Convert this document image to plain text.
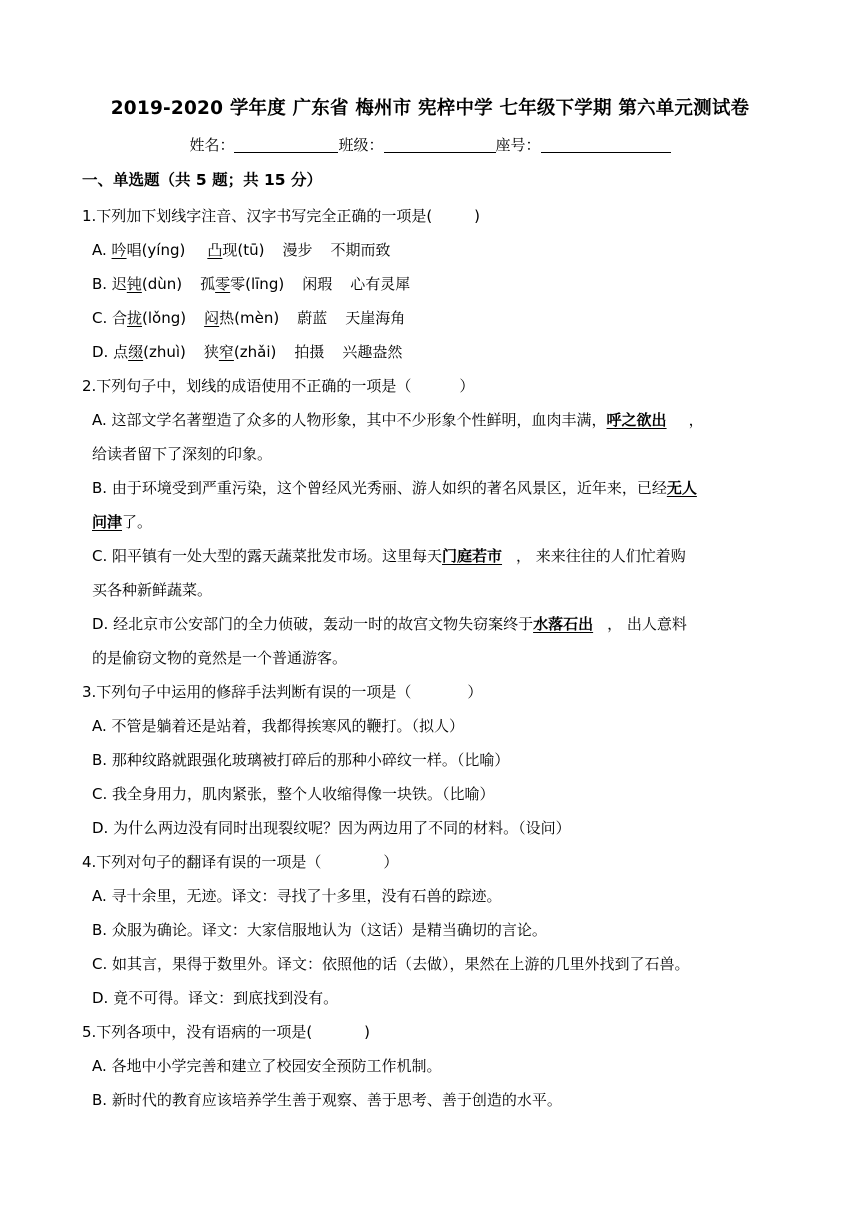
2019-2020 学年度 广东省 梅州市 宪梓中学 七年级下学期 第六单元测试卷
姓名：	班级：	座号：
一、单选题（共 5 题；共 15 分）

1.下列加下划线字注音、汉字书写完全正确的一项是(	)

A. 吟唱(yíng) 凸现(tū) 漫步 不期而致

B. 迟钝(dùn) 孤零零(līng) 闲瑕 心有灵犀

C. 合拢(lǒng) 闷热(mèn) 蔚蓝 天崖海角

D. 点缀(zhuì) 狭窄(zhǎi) 拍摄 兴趣盎然

2.下列句子中，划线的成语使用不正确的一项是（	）

A. 这部文学名著塑造了众多的人物形象，其中不少形象个性鲜明，血肉丰满，呼之欲出 ，

给读者留下了深刻的印象。

B. 由于环境受到严重污染，这个曾经风光秀丽、游人如织的著名风景区，近年来，已经无人

问津了。

C. 阳平镇有一处大型的露天蔬菜批发市场。这里每天门庭若市 ， 来来往往的人们忙着购

买各种新鲜蔬菜。

D. 经北京市公安部门的全力侦破，轰动一时的故宫文物失窃案终于水落石出 ， 出人意料

的是偷窃文物的竟然是一个普通游客。

3.下列句子中运用的修辞手法判断有误的一项是（	）

A. 不管是躺着还是站着，我都得挨寒风的鞭打。（拟人）

B. 那种纹路就跟强化玻璃被打碎后的那种小碎纹一样。（比喻）

C. 我全身用力，肌肉紧张，整个人收缩得像一块铁。（比喻）

D. 为什么两边没有同时出现裂纹呢？因为两边用了不同的材料。（设问）

4.下列对句子的翻译有误的一项是（	）

A. 寻十余里，无迹。译文：寻找了十多里，没有石兽的踪迹。

B. 众服为确论。译文：大家信服地认为（这话）是精当确切的言论。

C. 如其言，果得于数里外。译文：依照他的话（去做），果然在上游的几里外找到了石兽。

D. 竟不可得。译文：到底找到没有。

5.下列各项中，没有语病的一项是(	)

A. 各地中小学完善和建立了校园安全预防工作机制。

B. 新时代的教育应该培养学生善于观察、善于思考、善于创造的水平。
